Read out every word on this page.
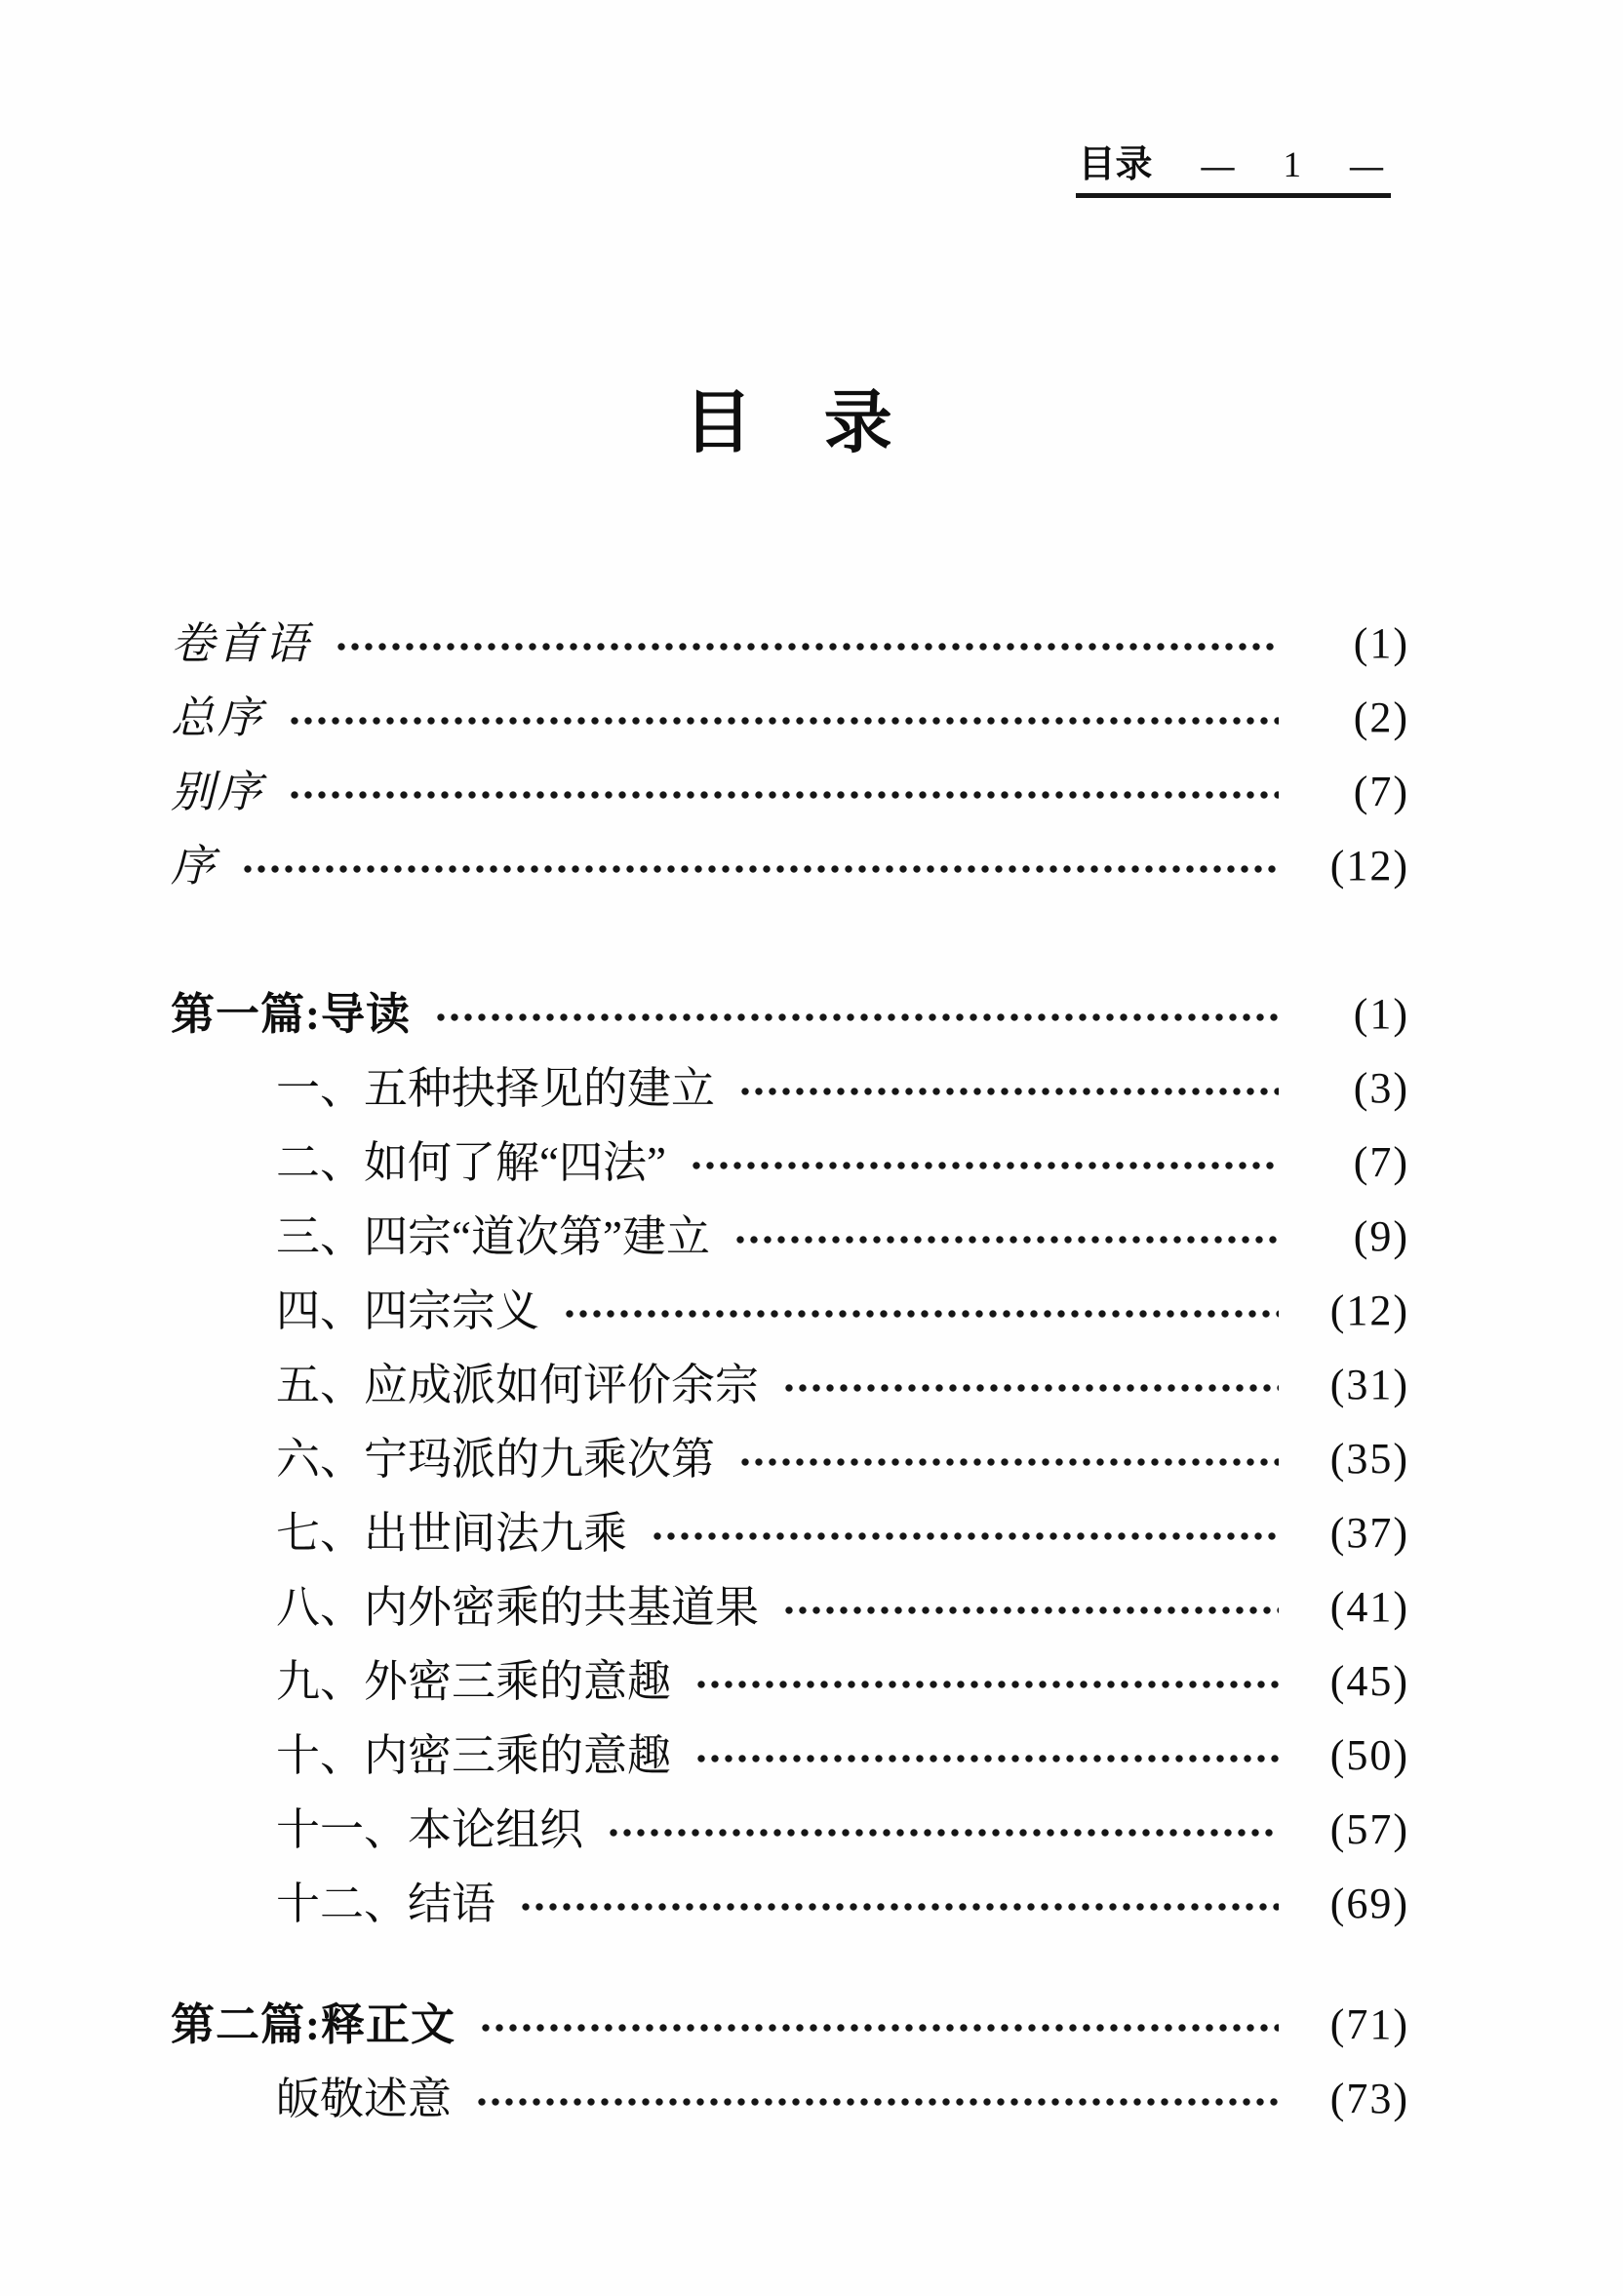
目录 — 1 —
目 录
卷首语	(1)
总序	(2)
别序	(7)
序	(12)
第一篇:导读	(1)
一、五种抉择见的建立	(3)
二、如何了解“四法”	(7)
三、四宗“道次第”建立	(9)
四、四宗宗义	(12)
五、应成派如何评价余宗	(31)
六、宁玛派的九乘次第	(35)
七、出世间法九乘	(37)
八、内外密乘的共基道果	(41)
九、外密三乘的意趣	(45)
十、内密三乘的意趣	(50)
十一、本论组织	(57)
十二、结语	(69)
第二篇:释正文	(71)
皈敬述意	(73)
